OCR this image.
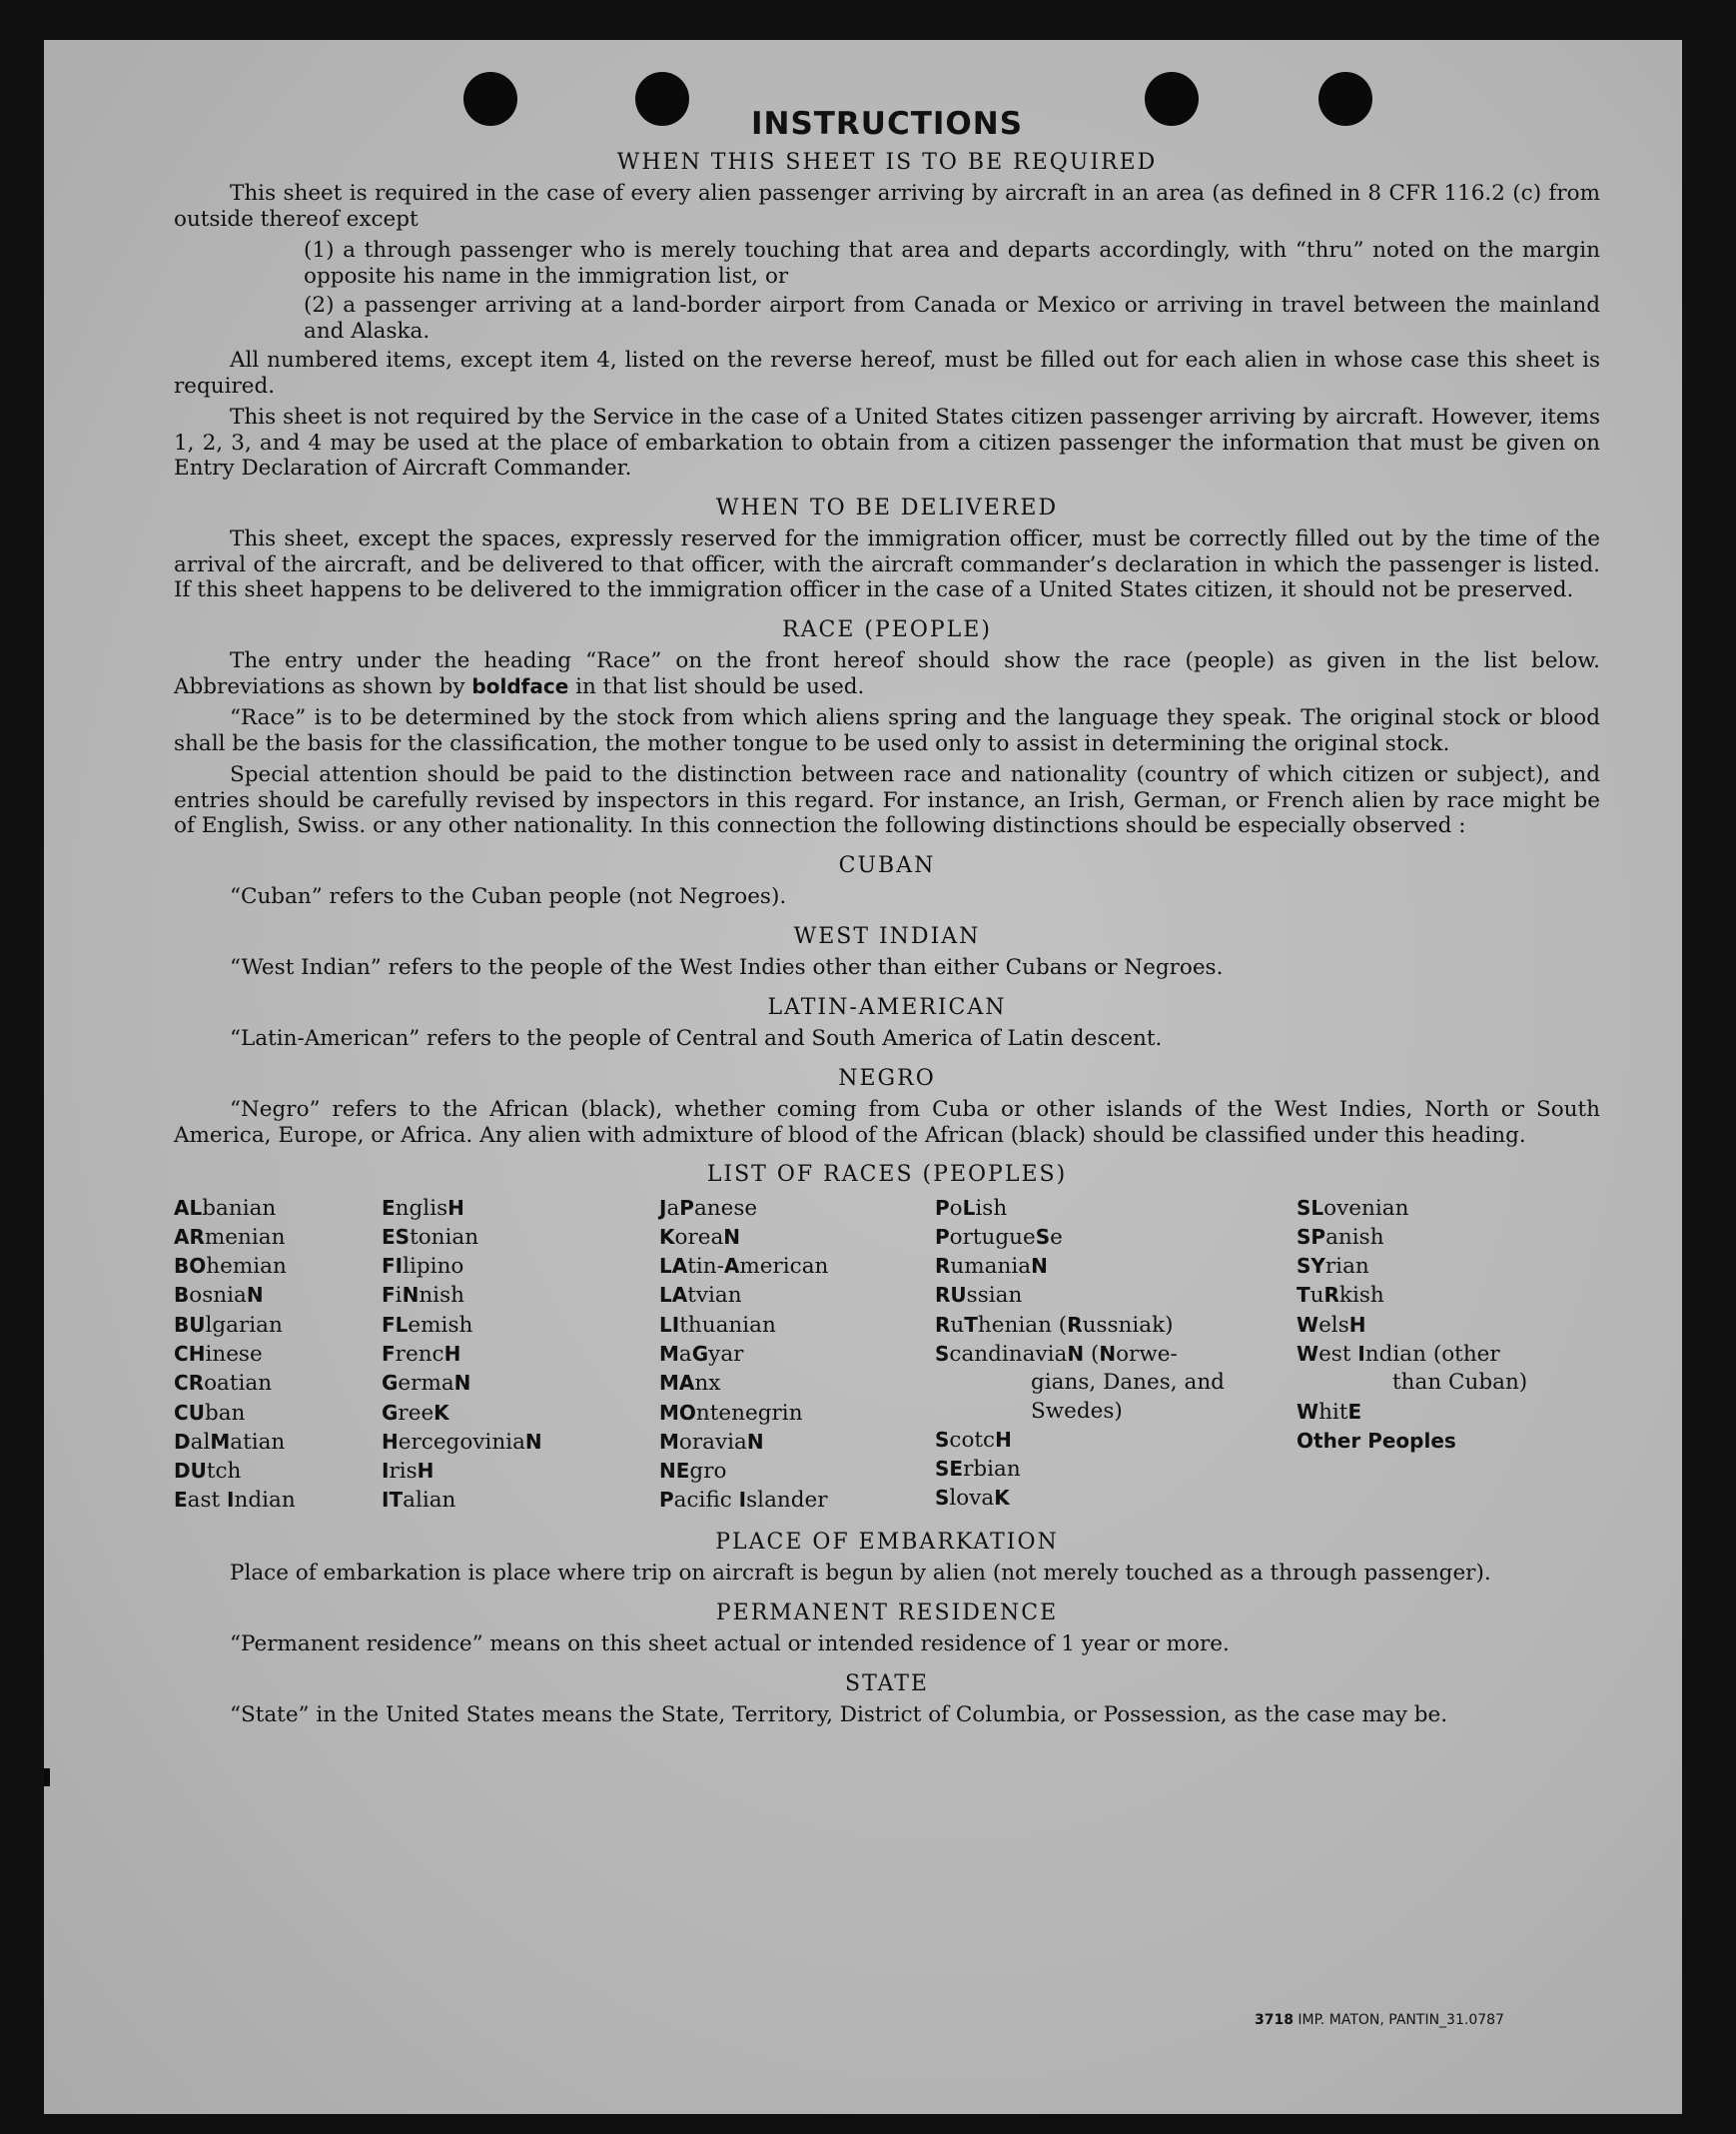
INSTRUCTIONS
WHEN THIS SHEET IS TO BE REQUIRED

This sheet is required in the case of every alien passenger arriving by aircraft in an area (as defined in 8 CFR 116.2 (c) from outside thereof except

(1) a through passenger who is merely touching that area and departs accordingly, with “thru” noted on the margin opposite his name in the immigration list, or

(2) a passenger arriving at a land-border airport from Canada or Mexico or arriving in travel between the mainland and Alaska.

All numbered items, except item 4, listed on the reverse hereof, must be filled out for each alien in whose case this sheet is required.

This sheet is not required by the Service in the case of a United States citizen passenger arriving by aircraft. However, items 1, 2, 3, and 4 may be used at the place of embarkation to obtain from a citizen passenger the information that must be given on Entry Declaration of Aircraft Commander.

WHEN TO BE DELIVERED

This sheet, except the spaces, expressly reserved for the immigration officer, must be correctly filled out by the time of the arrival of the aircraft, and be delivered to that officer, with the aircraft commander’s declaration in which the passenger is listed. If this sheet happens to be delivered to the immigration officer in the case of a United States citizen, it should not be preserved.

RACE (PEOPLE)

The entry under the heading “Race” on the front hereof should show the race (people) as given in the list below. Abbreviations as shown by boldface in that list should be used.

“Race” is to be determined by the stock from which aliens spring and the language they speak. The original stock or blood shall be the basis for the classification, the mother tongue to be used only to assist in determining the original stock.

Special attention should be paid to the distinction between race and nationality (country of which citizen or subject), and entries should be carefully revised by inspectors in this regard. For instance, an Irish, German, or French alien by race might be of English, Swiss. or any other nationality. In this connection the following distinctions should be especially observed :

CUBAN

“Cuban” refers to the Cuban people (not Negroes).

WEST INDIAN

“West Indian” refers to the people of the West Indies other than either Cubans or Negroes.

LATIN-AMERICAN

“Latin-American” refers to the people of Central and South America of Latin descent.

NEGRO

“Negro” refers to the African (black), whether coming from Cuba or other islands of the West Indies, North or South America, Europe, or Africa. Any alien with admixture of blood of the African (black) should be classified under this heading.

LIST OF RACES (PEOPLES)
ALbanian
ARmenian
BOhemian
BosniaN
BUlgarian
CHinese
CRoatian
CUban
DalMatian
DUtch
East Indian
EnglisH
EStonian
FIlipino
FiNnish
FLemish
FrencH
GermaN
GreeK
HercegoviniaN
IrisH
ITalian
JaPanese
KoreaN
LAtin-American
LAtvian
LIthuanian
MaGyar
MAnx
MOntenegrin
MoraviaN
NEgro
Pacifc Islander
PoLish
PortugueSe
RumaniaN
RUssian
RuThenian (Russniak)
ScandinaviaN (Norwe-
gians, Danes, and
Swedes)
ScotcH
SErbian
SlovaK
SLovenian
SPanish
SYrian
TuRkish
WelsH
West Indian (other
than Cuban)
WhitE
Other Peoples
PLACE OF EMBARKATION

Place of embarkation is place where trip on aircraft is begun by alien (not merely touched as a through passenger).

PERMANENT RESIDENCE

“Permanent residence” means on this sheet actual or intended residence of 1 year or more.

STATE

“State” in the United States means the State, Territory, District of Columbia, or Possession, as the case may be.

3718 IMP. MATON, PANTIN_31.0787
